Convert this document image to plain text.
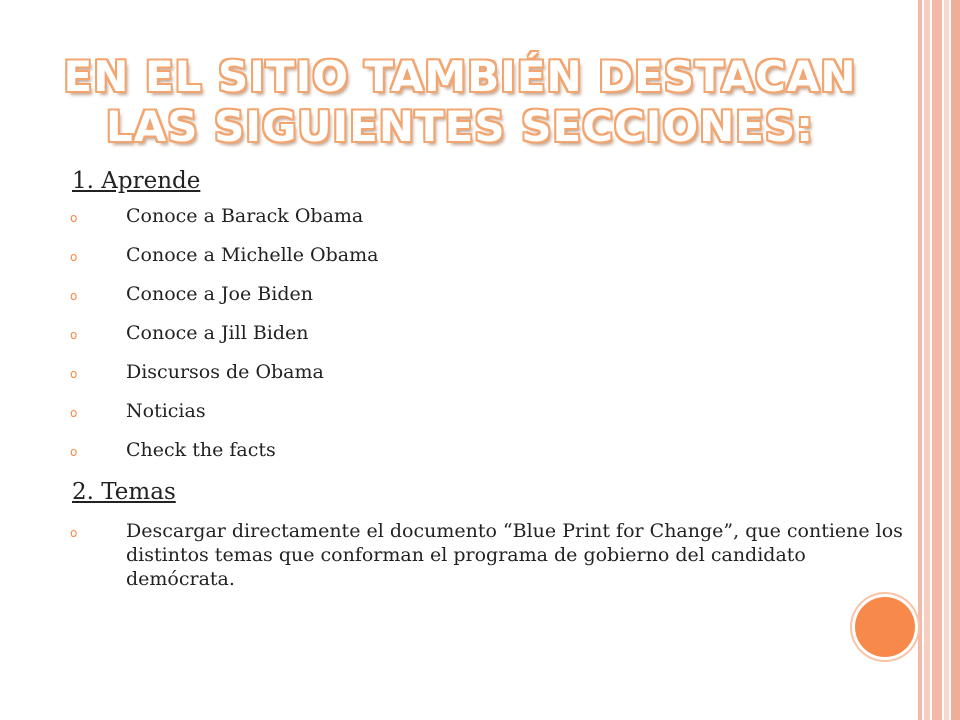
EN EL SITIO TAMBIÉN DESTACAN
LAS SIGUIENTES SECCIONES:

1. Aprende

o	Conoce a Barack Obama
o	Conoce a Michelle Obama
o	Conoce a Joe Biden
o	Conoce a Jill Biden
o	Discursos de Obama
o	Noticias
o	Check the facts

2. Temas

o	Descargar directamente el documento “Blue Print for Change”, que contiene los distintos temas que conforman el programa de gobierno del candidato demócrata.
